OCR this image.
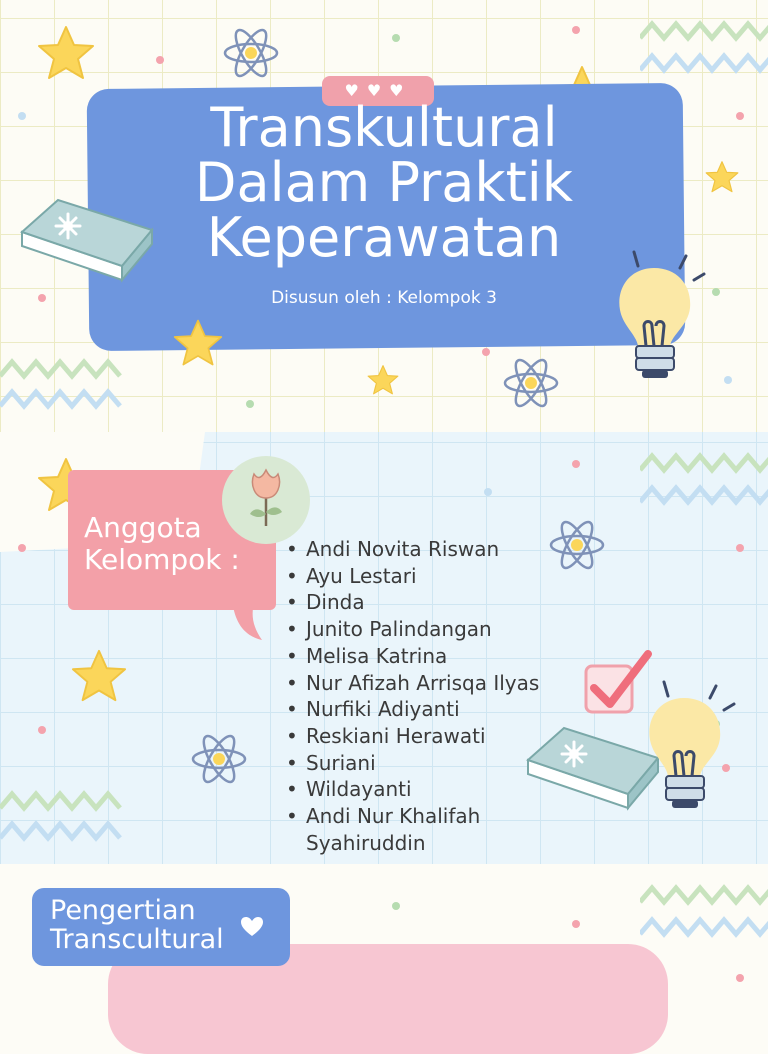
♥♥♥
Transkultural
Dalam Praktik
Keperawatan
Disusun oleh : Kelompok 3
Anggota
Kelompok :
•	Andi Novita Riswan
• Ayu Lestari
• Dinda
• Junito Palindangan
• Melisa Katrina
• Nur Afizah Arrisqa Ilyas
• Nurfiki Adiyanti
• Reskiani Herawati
• Suriani
• Wildayanti
• Andi Nur Khalifah
Syahiruddin
Pengertian
Transcultural
